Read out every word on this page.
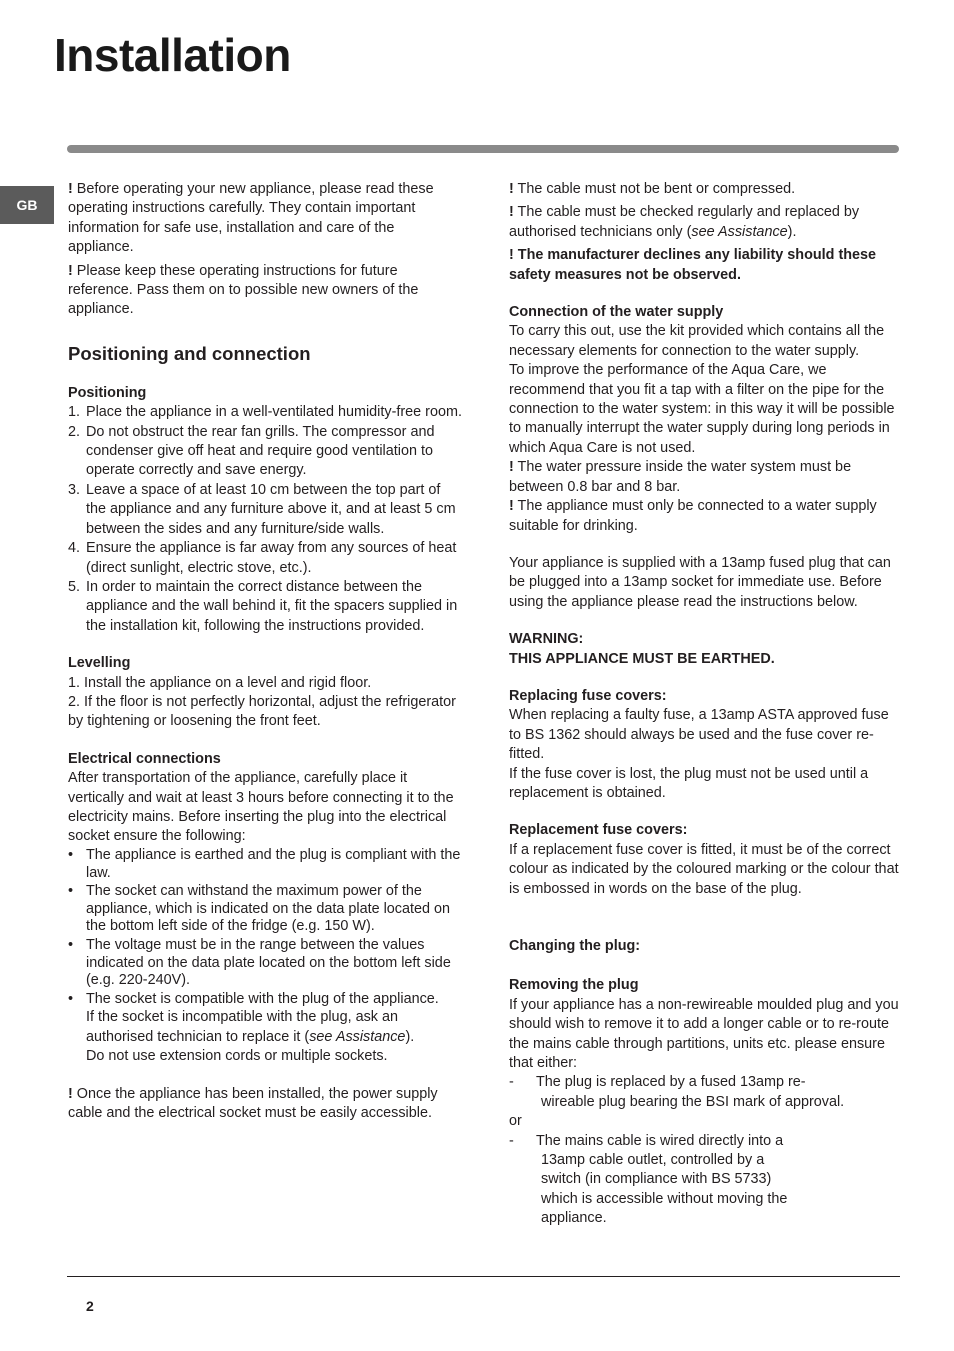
Installation
GB

! Before operating your new appliance, please read these operating instructions carefully. They contain important information for safe use, installation and care of the appliance.

! Please keep these operating instructions for future reference. Pass them on to possible new owners of the appliance.

Positioning and connection
Positioning
1. Place the appliance in a well-ventilated humidity-free room.
2. Do not obstruct the rear fan grills. The compressor and condenser give off heat and require good ventilation to operate correctly and save energy.
3. Leave a space of at least 10 cm between the top part of the appliance and any furniture above it, and at least 5 cm between the sides and any furniture/side walls.
4. Ensure the appliance is far away from any sources of heat (direct sunlight, electric stove, etc.).
5. In order to maintain the correct distance between the appliance and the wall behind it, fit the spacers supplied in the installation kit, following the instructions provided.
Levelling
1. Install the appliance on a level and rigid floor.
2. If the floor is not perfectly horizontal, adjust the refrigerator by tightening or loosening the front feet.
Electrical connections

After transportation of the appliance, carefully place it vertically and wait at least 3 hours before connecting it to the electricity mains. Before inserting the plug into the electrical socket ensure the following:

• The appliance is earthed and the plug is compliant with the law.
• The socket can withstand the maximum power of the appliance, which is indicated on the data plate located on the bottom left side of the fridge (e.g. 150 W).
• The voltage must be in the range between the values indicated on the data plate located on the bottom left side (e.g. 220-240V).
• The socket is compatible with the plug of the appliance.
If the socket is incompatible with the plug, ask an authorised technician to replace it (see Assistance).
Do not use extension cords or multiple sockets.

! Once the appliance has been installed, the power supply cable and the electrical socket must be easily accessible.

! The cable must not be bent or compressed.

! The cable must be checked regularly and replaced by authorised technicians only (see Assistance).

! The manufacturer declines any liability should these safety measures not be observed.

Connection of the water supply

To carry this out, use the kit provided which contains all the necessary elements for connection to the water supply.

To improve the performance of the Aqua Care, we recommend that you fit a tap with a filter on the pipe for the connection to the water system: in this way it will be possible to manually interrupt the water supply during long periods in which Aqua Care is not used.

! The water pressure inside the water system must be between 0.8 bar and 8 bar.

! The appliance must only be connected to a water supply suitable for drinking.

Your appliance is supplied with a 13amp fused plug that can be plugged into a 13amp socket for immediate use. Before using the appliance please read the instructions below.

WARNING:

THIS APPLIANCE MUST BE EARTHED.

Replacing fuse covers:

When replacing a faulty fuse, a 13amp ASTA approved fuse to BS 1362 should always be used and the fuse cover re-fitted.

If the fuse cover is lost, the plug must not be used until a replacement is obtained.

Replacement fuse covers:

If a replacement fuse cover is fitted, it must be of the correct colour as indicated by the coloured marking or the colour that is embossed in words on the base of the plug.

Changing the plug:
Removing the plug

If your appliance has a non-rewireable moulded plug and you should wish to remove it to add a longer cable or to re-route the mains cable through partitions, units etc. please ensure that either:

- The plug is replaced by a fused 13amp re-
wireable plug bearing the BSI mark of approval.

or

- The mains cable is wired directly into a
13amp cable outlet, controlled by a
switch (in compliance with BS 5733)
which is accessible without moving the
appliance.
2
